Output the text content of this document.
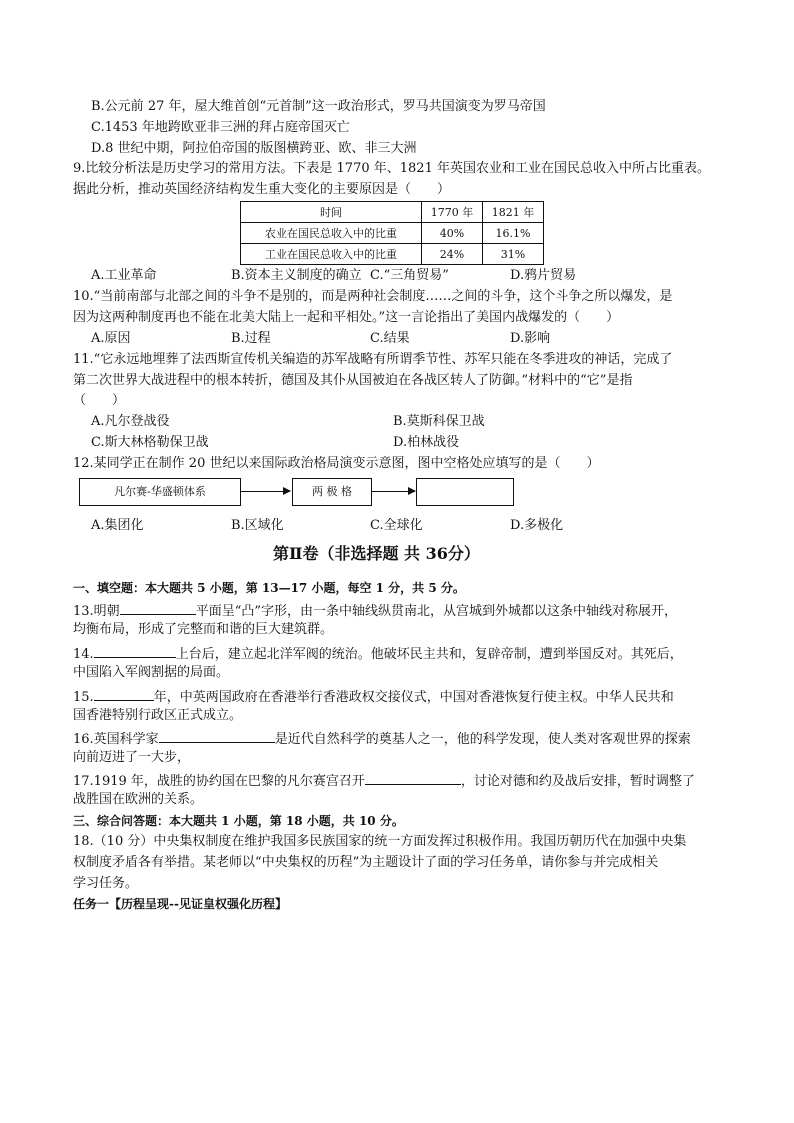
B.公元前 27 年，屋大维首创“元首制”这一政治形式，罗马共国演变为罗马帝国
C.1453 年地跨欧亚非三洲的拜占庭帝国灭亡
D.8 世纪中期，阿拉伯帝国的版图横跨亚、欧、非三大洲
9.比较分析法是历史学习的常用方法。下表是 1770 年、1821 年英国农业和工业在国民总收入中所占比重表。
据此分析，推动英国经济结构发生重大变化的主要原因是（　　）
时间	1770 年	1821 年
农业在国民总收入中的比重	40%	16.1%
工业在国民总收入中的比重	24%	31%
A.工业革命	B.资本主义制度的确立 C.“三角贸易”	D.鸦片贸易
10.“当前南部与北部之间的斗争不是别的，而是两种社会制度……之间的斗争，这个斗争之所以爆发，是
因为这两种制度再也不能在北美大陆上一起和平相处。”这一言论指出了美国内战爆发的（　　）
A.原因	B.过程	C.结果	D.影响
11.“它永远地埋葬了法西斯宣传机关编造的苏军战略有所谓季节性、苏军只能在冬季进攻的神话，完成了
第二次世界大战进程中的根本转折，德国及其仆从国被迫在各战区转人了防御。”材料中的“它”是指
（　　）
A.凡尔登战役	B.莫斯科保卫战
C.斯大林格勒保卫战	D.柏林战役
12.某同学正在制作 20 世纪以来国际政治格局演变示意图，图中空格处应填写的是（　　）
凡尔赛-华盛顿体系	两 极 格
A.集团化	B.区域化	C.全球化	D.多极化
第Ⅱ卷（非选择题 共 36分）
一、填空题：本大题共 5 小题，第 13—17 小题，每空 1 分，共 5 分。
13.明朝	平面呈“凸”字形，由一条中轴线纵贯南北，从宫城到外城都以这条中轴线对称展开，
均衡布局，形成了完整而和谐的巨大建筑群。
14.	上台后，建立起北洋军阀的统治。他破坏民主共和，复辟帝制，遭到举国反对。其死后，
中国陷入军阀割据的局面。
15.	年，中英两国政府在香港举行香港政权交接仪式，中国对香港恢复行使主权。中华人民共和
国香港特别行政区正式成立。
16.英国科学家	是近代自然科学的奠基人之一，他的科学发现，使人类对客观世界的探索
向前迈进了一大步，
17.1919 年，战胜的协约国在巴黎的凡尔赛宫召开	，讨论对德和约及战后安排，暂时调整了
战胜国在欧洲的关系。
三、综合问答题：本大题共 1 小题，第 18 小题，共 10 分。
18.（10 分）中央集权制度在维护我国多民族国家的统一方面发挥过积极作用。我国历朝历代在加强中央集
权制度矛盾各有举措。某老师以“中央集权的历程”为主题设计了面的学习任务单，请你参与并完成相关
学习任务。
任务一【历程呈现--见证皇权强化历程】
